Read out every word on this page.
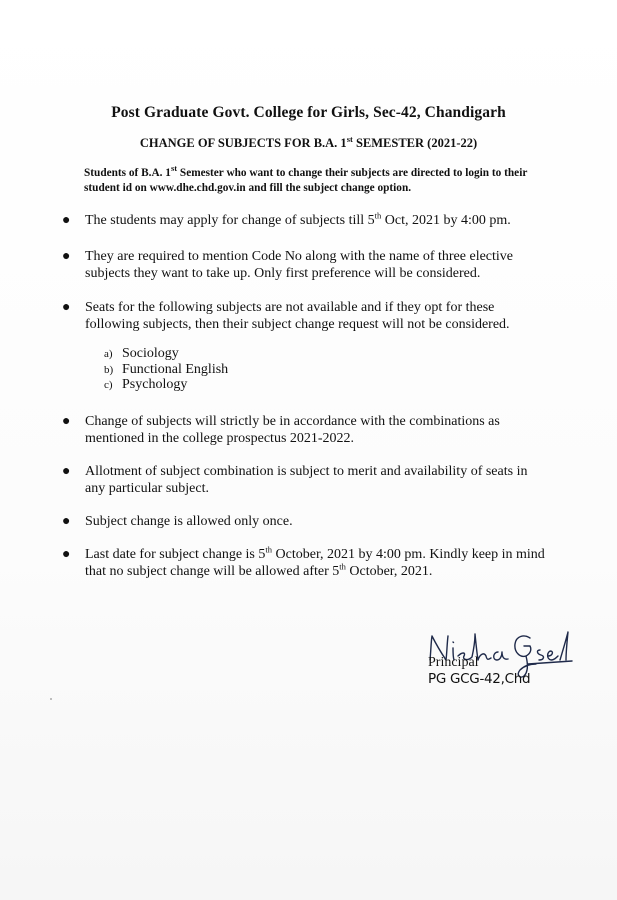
Post Graduate Govt. College for Girls, Sec-42, Chandigarh
CHANGE OF SUBJECTS FOR B.A. 1st SEMESTER (2021-22)
Students of B.A. 1st Semester who want to change their subjects are directed to login to their student id on www.dhe.chd.gov.in and fill the subject change option.
●	The students may apply for change of subjects till 5th Oct, 2021 by 4:00 pm.
●	They are required to mention Code No along with the name of three elective subjects they want to take up. Only first preference will be considered.
●	Seats for the following subjects are not available and if they opt for these following subjects, then their subject change request will not be considered.
a) Sociology
b) Functional English
c) Psychology
●	Change of subjects will strictly be in accordance with the combinations as mentioned in the college prospectus 2021-2022.
●	Allotment of subject combination is subject to merit and availability of seats in any particular subject.
●	Subject change is allowed only once.
●	Last date for subject change is 5th October, 2021 by 4:00 pm. Kindly keep in mind that no subject change will be allowed after 5th October, 2021.
Principal
PG GCG-42,Chd
